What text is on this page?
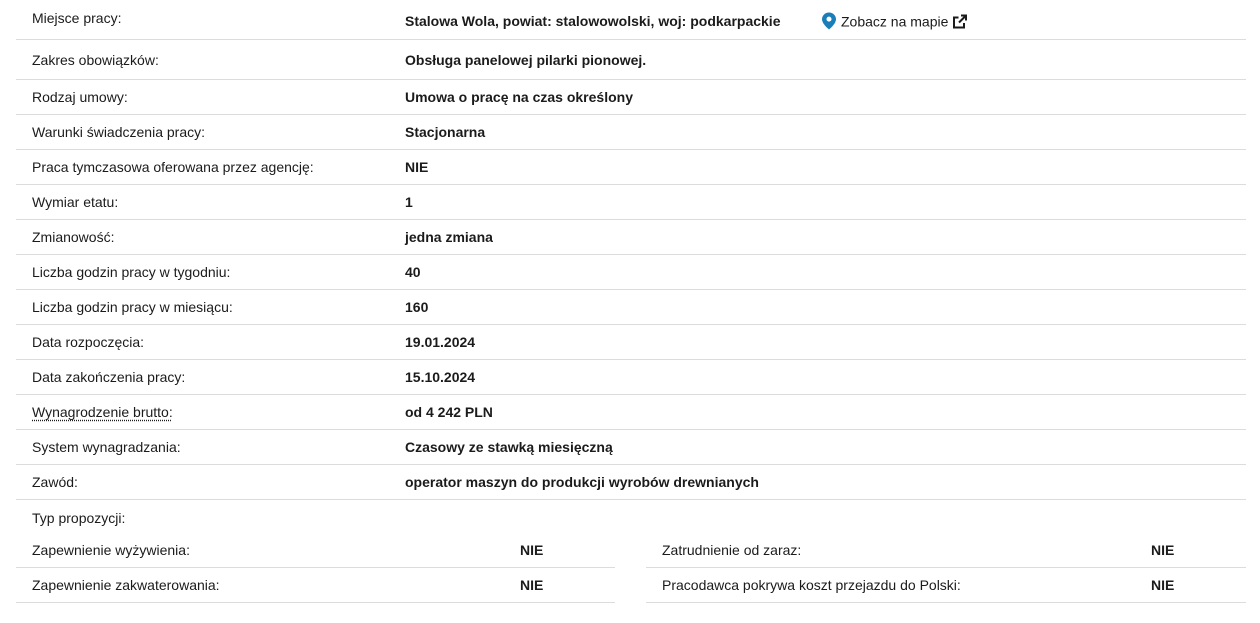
Miejsce pracy:	Stalowa Wola, powiat: stalowowolski, woj: podkarpackie	Zobacz na mapie
Zakres obowiązków:	Obsługa panelowej pilarki pionowej.
Rodzaj umowy:	Umowa o pracę na czas określony
Warunki świadczenia pracy:	Stacjonarna
Praca tymczasowa oferowana przez agencję:	NIE
Wymiar etatu:	1
Zmianowość:	jedna zmiana
Liczba godzin pracy w tygodniu:	40
Liczba godzin pracy w miesiącu:	160
Data rozpoczęcia:	19.01.2024
Data zakończenia pracy:	15.10.2024
Wynagrodzenie brutto:	od 4 242 PLN
System wynagradzania:	Czasowy ze stawką miesięczną
Zawód:	operator maszyn do produkcji wyrobów drewnianych
Typ propozycji:
Zapewnienie wyżywienia:	NIE	Zatrudnienie od zaraz:	NIE
Zapewnienie zakwaterowania:	NIE	Pracodawca pokrywa koszt przejazdu do Polski:	NIE
